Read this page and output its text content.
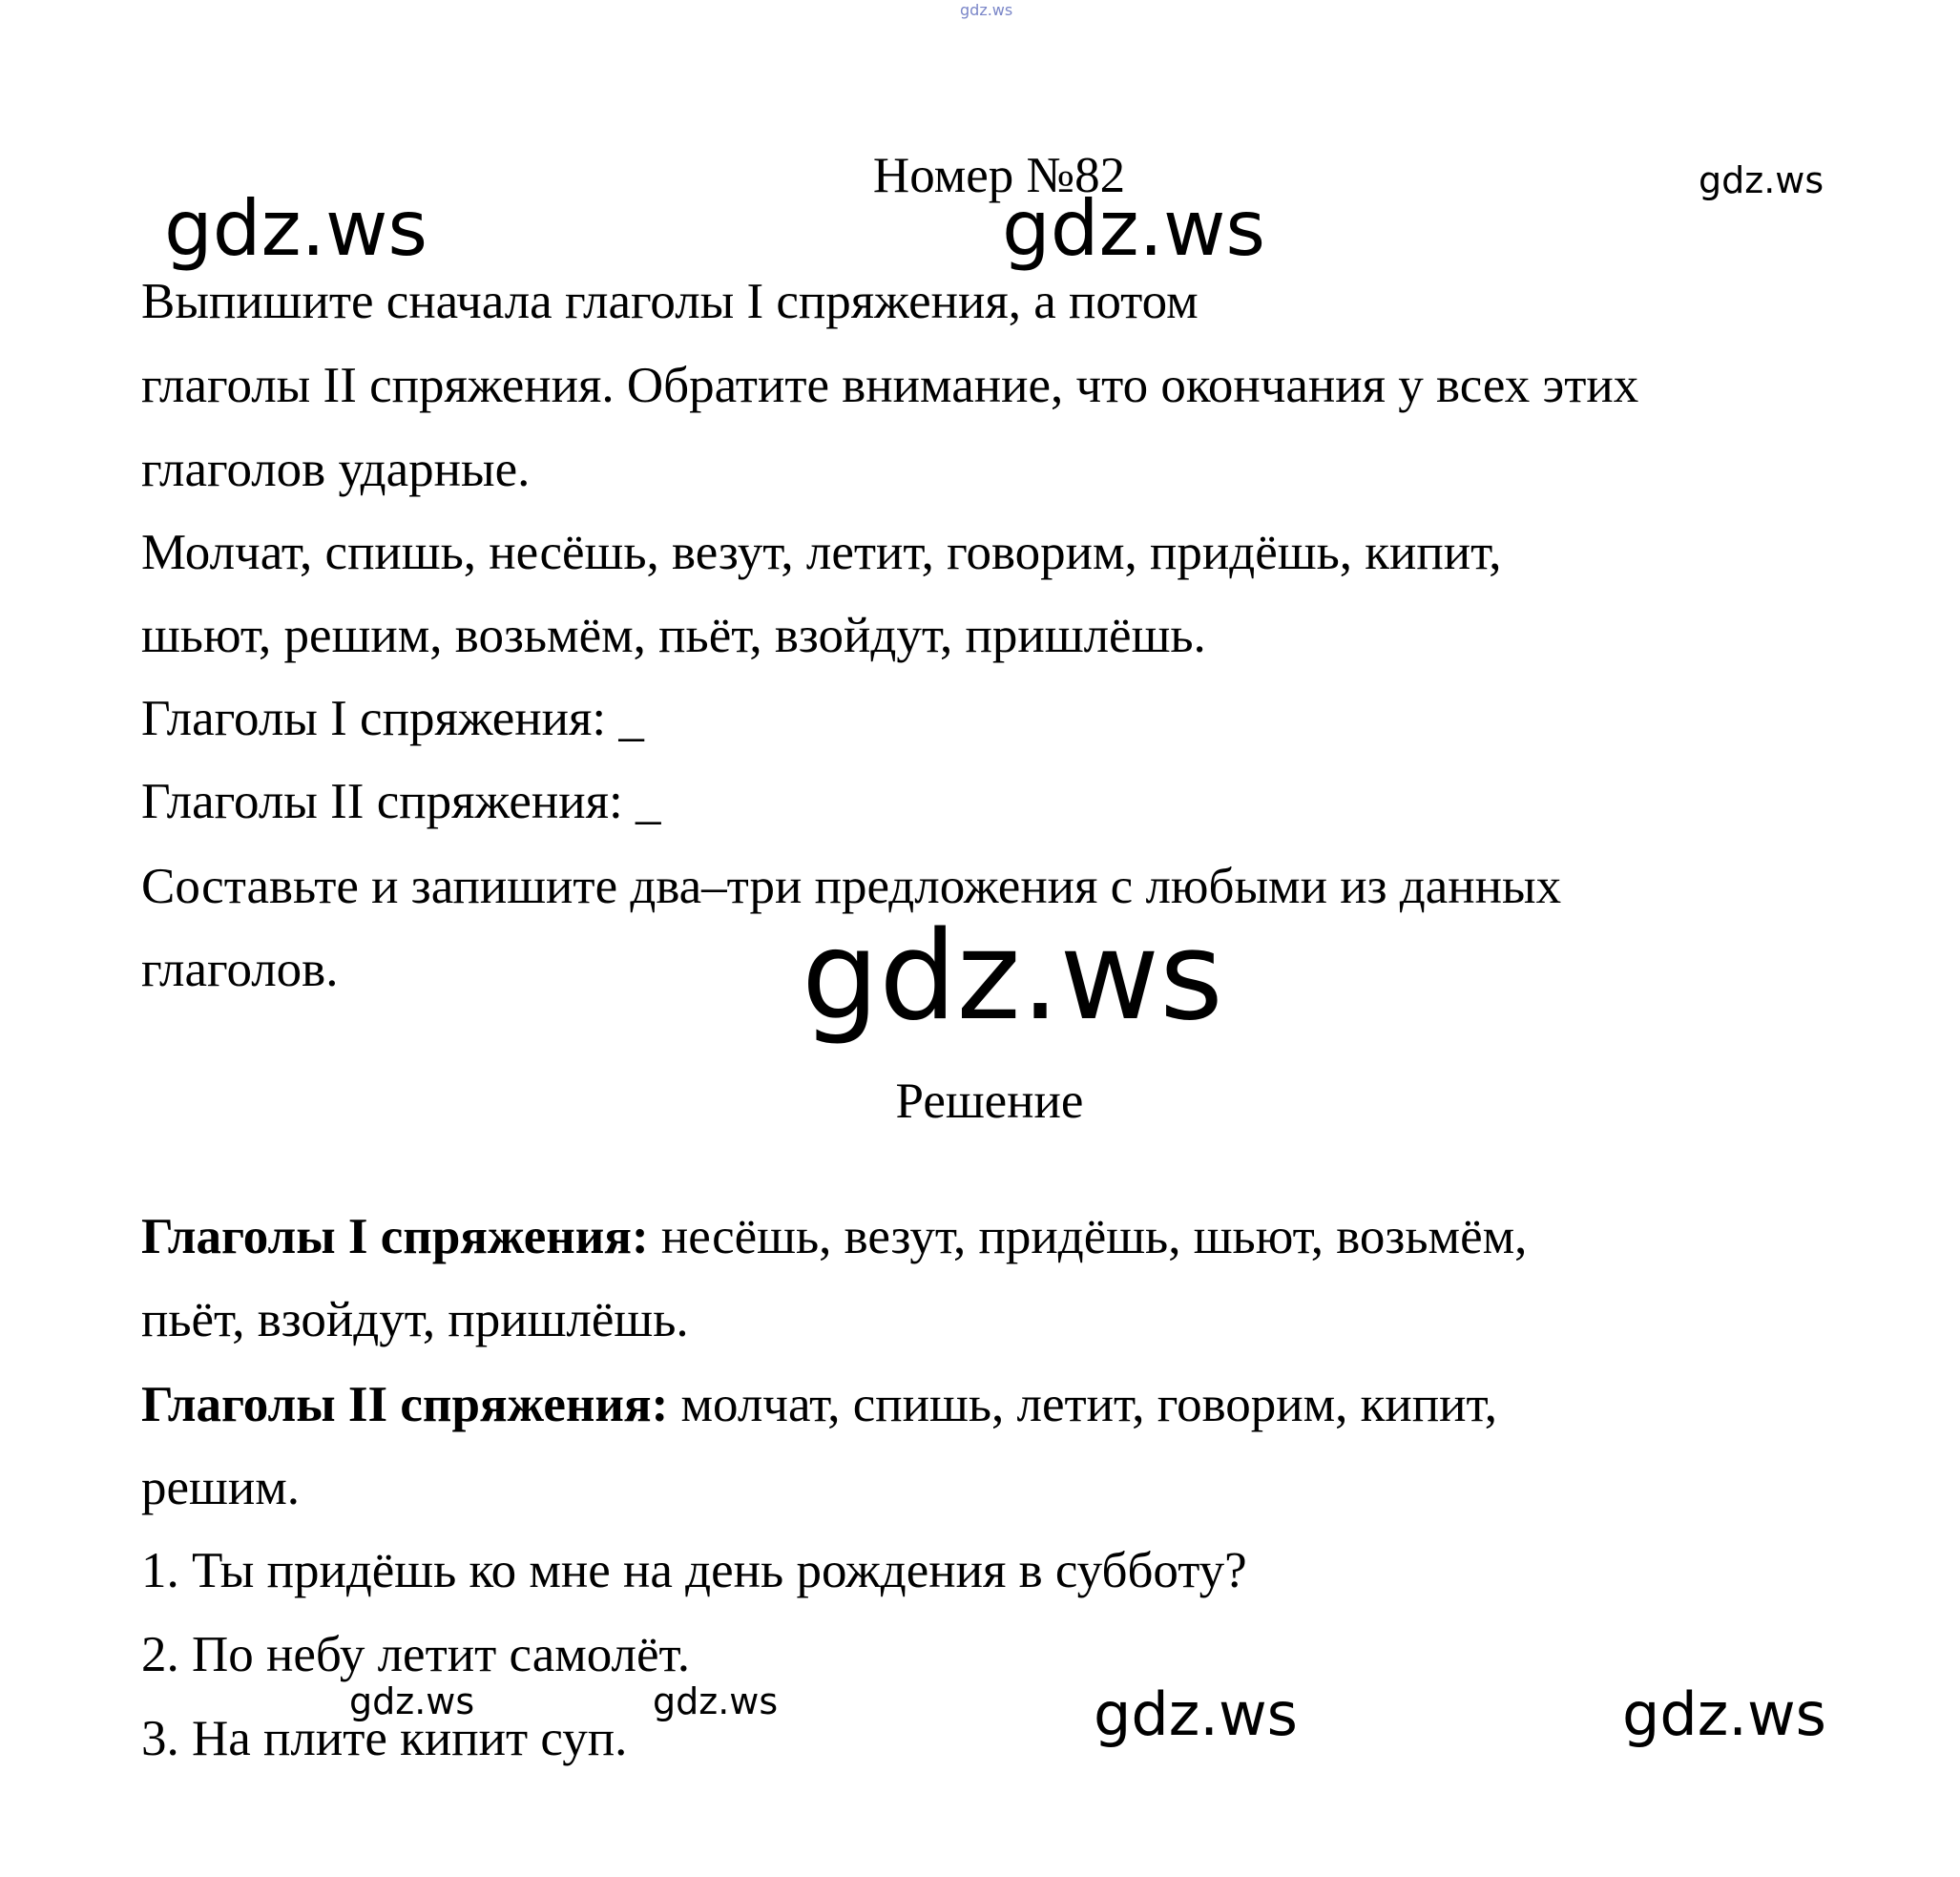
gdz.ws
gdz.ws
gdz.ws	gdz.ws
gdz.ws
gdz.ws	gdz.ws	gdz.ws	gdz.ws
Номер №82
Выпишите сначала глаголы I спряжения, а потом
глаголы II спряжения. Обратите внимание, что окончания у всех этих
глаголов ударные.
Молчат, спишь, несёшь, везут, летит, говорим, придёшь, кипит,
шьют, решим, возьмём, пьёт, взойдут, пришлёшь.
Глаголы I спряжения: _
Глаголы II спряжения: _
Составьте и запишите два–три предложения с любыми из данных
глаголов.
Решение
Глаголы I спряжения: несёшь, везут, придёшь, шьют, возьмём,
пьёт, взойдут, пришлёшь.
Глаголы II спряжения: молчат, спишь, летит, говорим, кипит,
решим.
1. Ты придёшь ко мне на день рождения в субботу?
2. По небу летит самолёт.
3. На плите кипит суп.
